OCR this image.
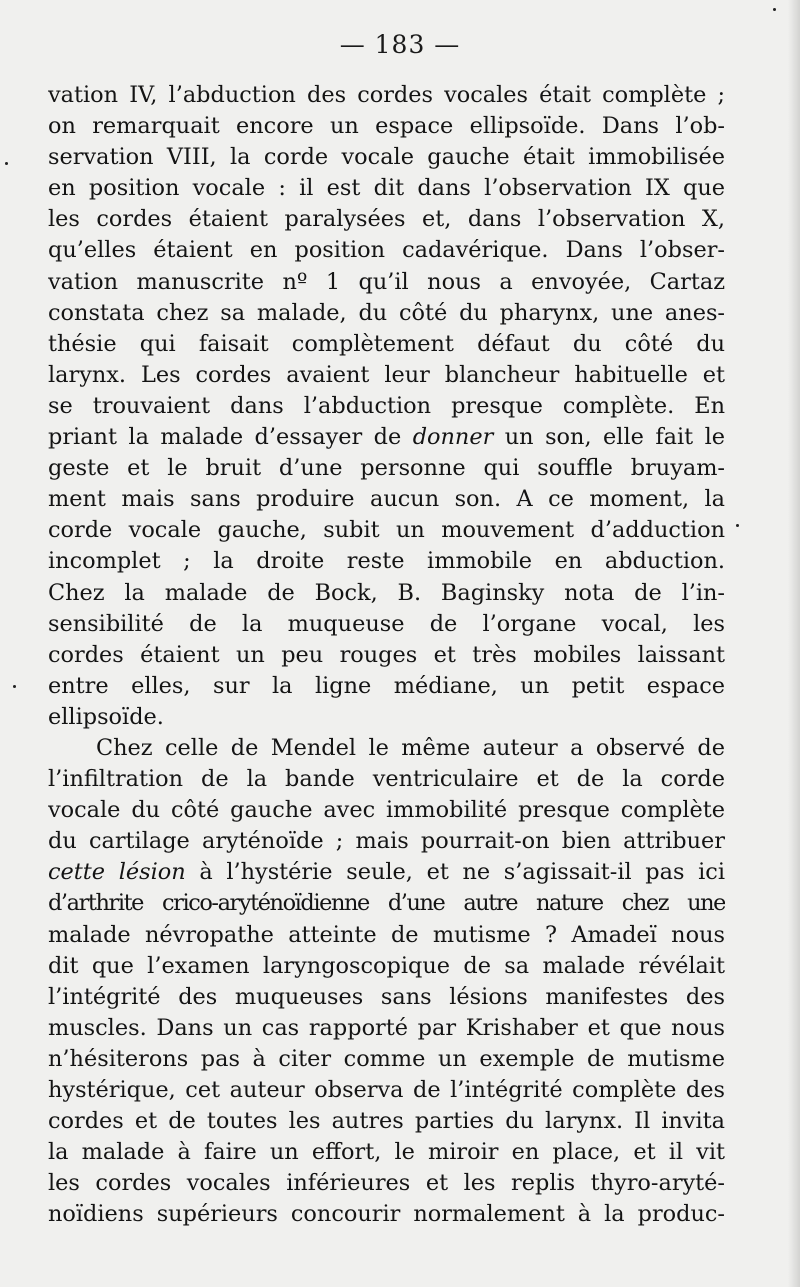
— 183 —
vation IV, l’abduction des cordes vocales était complète ;
on remarquait encore un espace ellipsoïde. Dans l’ob-
servation VIII, la corde vocale gauche était immobilisée
en position vocale : il est dit dans l’observation IX que
les cordes étaient paralysées et, dans l’observation X,
qu’elles étaient en position cadavérique. Dans l’obser-
vation manuscrite nº 1 qu’il nous a envoyée, Cartaz
constata chez sa malade, du côté du pharynx, une anes-
thésie qui faisait complètement défaut du côté du
larynx. Les cordes avaient leur blancheur habituelle et
se trouvaient dans l’abduction presque complète. En
priant la malade d’essayer de donner un son, elle fait le
geste et le bruit d’une personne qui souffle bruyam-
ment mais sans produire aucun son. A ce moment, la
corde vocale gauche, subit un mouvement d’adduction
incomplet ; la droite reste immobile en abduction.
Chez la malade de Bock, B. Baginsky nota de l’in-
sensibilité de la muqueuse de l’organe vocal, les
cordes étaient un peu rouges et très mobiles laissant
entre elles, sur la ligne médiane, un petit espace
ellipsoïde.
Chez celle de Mendel le même auteur a observé de
l’infiltration de la bande ventriculaire et de la corde
vocale du côté gauche avec immobilité presque complète
du cartilage aryténoïde ; mais pourrait-on bien attribuer
cette lésion à l’hystérie seule, et ne s’agissait-il pas ici
d’arthrite crico-aryténoïdienne d’une autre nature chez une
malade névropathe atteinte de mutisme ? Amadeï nous
dit que l’examen laryngoscopique de sa malade révélait
l’intégrité des muqueuses sans lésions manifestes des
muscles. Dans un cas rapporté par Krishaber et que nous
n’hésiterons pas à citer comme un exemple de mutisme
hystérique, cet auteur observa de l’intégrité complète des
cordes et de toutes les autres parties du larynx. Il invita
la malade à faire un effort, le miroir en place, et il vit
les cordes vocales inférieures et les replis thyro-aryté-
noïdiens supérieurs concourir normalement à la produc-
